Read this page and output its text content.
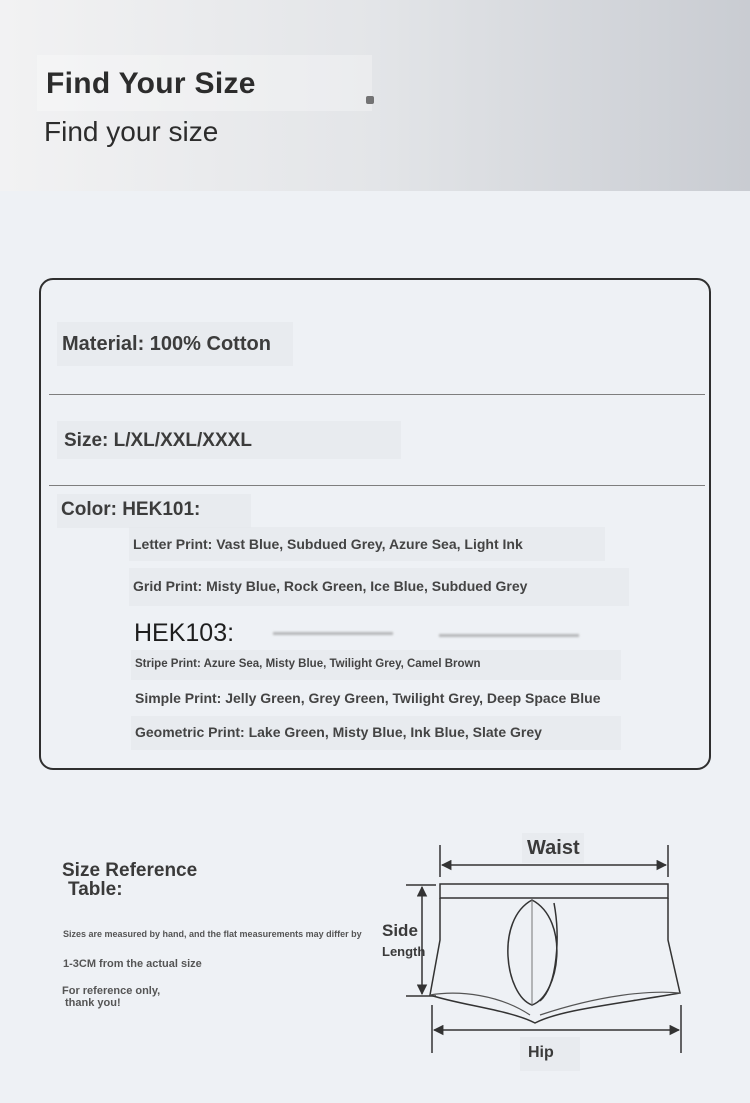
Find Your Size
Find your size
Material: 100% Cotton
Size: L/XL/XXL/XXXL
Color: HEK101:
Letter Print: Vast Blue, Subdued Grey, Azure Sea, Light Ink
Grid Print: Misty Blue, Rock Green, Ice Blue, Subdued Grey
HEK103:
Stripe Print: Azure Sea, Misty Blue, Twilight Grey, Camel Brown
Simple Print: Jelly Green, Grey Green, Twilight Grey, Deep Space Blue
Geometric Print: Lake Green, Misty Blue, Ink Blue, Slate Grey
Size Reference
Table:
Sizes are measured by hand, and the flat measurements may differ by
1-3CM from the actual size
For reference only,
thank you!
Waist
Side
Length
Hip
